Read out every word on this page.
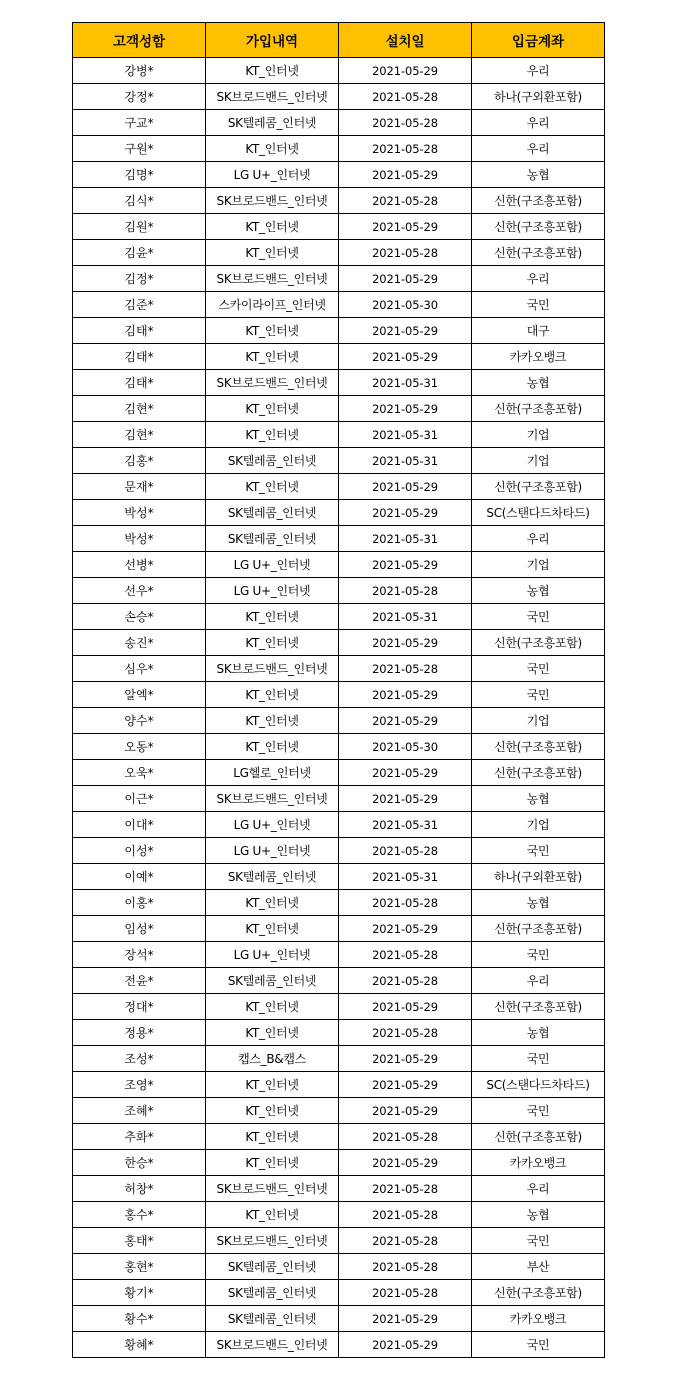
고객성함	가입내역	설치일	입금계좌
강병*	KT_인터넷	2021-05-29	우리
강정*	SK브로드밴드_인터넷	2021-05-28	하나(구외환포함)
구교*	SK텔레콤_인터넷	2021-05-28	우리
구원*	KT_인터넷	2021-05-28	우리
김명*	LG U+_인터넷	2021-05-29	농협
김식*	SK브로드밴드_인터넷	2021-05-28	신한(구조흥포함)
김원*	KT_인터넷	2021-05-29	신한(구조흥포함)
김윤*	KT_인터넷	2021-05-28	신한(구조흥포함)
김정*	SK브로드밴드_인터넷	2021-05-29	우리
김준*	스카이라이프_인터넷	2021-05-30	국민
김태*	KT_인터넷	2021-05-29	대구
김태*	KT_인터넷	2021-05-29	카카오뱅크
김태*	SK브로드밴드_인터넷	2021-05-31	농협
김현*	KT_인터넷	2021-05-29	신한(구조흥포함)
김현*	KT_인터넷	2021-05-31	기업
김홍*	SK텔레콤_인터넷	2021-05-31	기업
문재*	KT_인터넷	2021-05-29	신한(구조흥포함)
박성*	SK텔레콤_인터넷	2021-05-29	SC(스탠다드차타드)
박성*	SK텔레콤_인터넷	2021-05-31	우리
선병*	LG U+_인터넷	2021-05-29	기업
선우*	LG U+_인터넷	2021-05-28	농협
손승*	KT_인터넷	2021-05-31	국민
송진*	KT_인터넷	2021-05-29	신한(구조흥포함)
심우*	SK브로드밴드_인터넷	2021-05-28	국민
알엑*	KT_인터넷	2021-05-29	국민
양수*	KT_인터넷	2021-05-29	기업
오동*	KT_인터넷	2021-05-30	신한(구조흥포함)
오욱*	LG헬로_인터넷	2021-05-29	신한(구조흥포함)
이근*	SK브로드밴드_인터넷	2021-05-29	농협
이대*	LG U+_인터넷	2021-05-31	기업
이성*	LG U+_인터넷	2021-05-28	국민
이예*	SK텔레콤_인터넷	2021-05-31	하나(구외환포함)
이홍*	KT_인터넷	2021-05-28	농협
임성*	KT_인터넷	2021-05-29	신한(구조흥포함)
장석*	LG U+_인터넷	2021-05-28	국민
전윤*	SK텔레콤_인터넷	2021-05-28	우리
정대*	KT_인터넷	2021-05-29	신한(구조흥포함)
정용*	KT_인터넷	2021-05-28	농협
조성*	캡스_B&캡스	2021-05-29	국민
조영*	KT_인터넷	2021-05-29	SC(스탠다드차타드)
조혜*	KT_인터넷	2021-05-29	국민
추화*	KT_인터넷	2021-05-28	신한(구조흥포함)
한승*	KT_인터넷	2021-05-29	카카오뱅크
허창*	SK브로드밴드_인터넷	2021-05-28	우리
홍수*	KT_인터넷	2021-05-28	농협
홍태*	SK브로드밴드_인터넷	2021-05-28	국민
홍현*	SK텔레콤_인터넷	2021-05-28	부산
황기*	SK텔레콤_인터넷	2021-05-28	신한(구조흥포함)
황수*	SK텔레콤_인터넷	2021-05-29	카카오뱅크
황혜*	SK브로드밴드_인터넷	2021-05-29	국민
